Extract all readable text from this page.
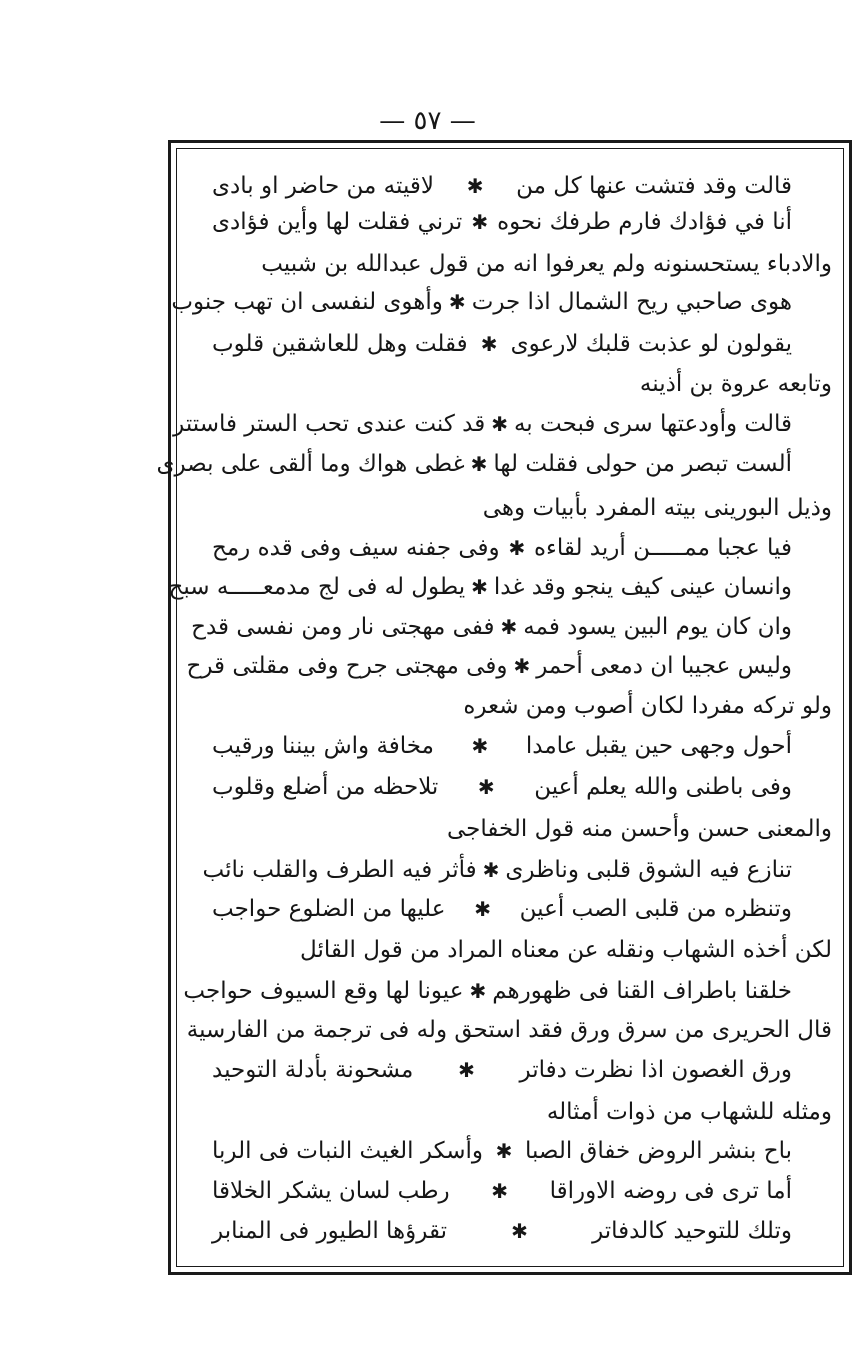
— ٥٧ —
قالت وقد فتشت عنها كل من
✱
لاقيته من حاضر او بادى
أنا في فؤادك فارم طرفك نحوه
✱
ترني فقلت لها وأين فؤادى
والادباء يستحسنونه ولم يعرفوا انه من قول عبدالله بن شبيب
هوى صاحبي ريح الشمال اذا جرت
✱
وأهوى لنفسى ان تهب جنوب
يقولون لو عذبت قلبك لارعوى
✱
فقلت وهل للعاشقين قلوب
وتابعه عروة بن أذينه
قالت وأودعتها سرى فبحت به
✱
قد كنت عندى تحب الستر فاستتر
ألست تبصر من حولى فقلت لها
✱
غطى هواك وما ألقى على بصرى
وذيل البورينى بيته المفرد بأبيات وهى
فيا عجبا ممـــــن أريد لقاءه
✱
وفى جفنه سيف وفى قده رمح
وانسان عينى كيف ينجو وقد غدا
✱
يطول له فى لج مدمعـــــه سبح
وان كان يوم البين يسود فمه
✱
ففى مهجتى نار ومن نفسى قدح
وليس عجيبا ان دمعى أحمر
✱
وفى مهجتى جرح وفى مقلتى قرح
ولو تركه مفردا لكان أصوب ومن شعره
أحول وجهى حين يقبل عامدا
✱
مخافة واش بيننا ورقيب
وفى باطنى والله يعلم أعين
✱
تلاحظه من أضلع وقلوب
والمعنى حسن وأحسن منه قول الخفاجى
تنازع فيه الشوق قلبى وناظرى
✱
فأثر فيه الطرف والقلب نائب
وتنظره من قلبى الصب أعين
✱
عليها من الضلوع حواجب
لكن أخذه الشهاب ونقله عن معناه المراد من قول القائل
خلقنا باطراف القنا فى ظهورهم
✱
عيونا لها وقع السيوف حواجب
قال الحريرى من سرق ورق فقد استحق وله فى ترجمة من الفارسية
ورق الغصون اذا نظرت دفاتر
✱
مشحونة بأدلة التوحيد
ومثله للشهاب من ذوات أمثاله
باح بنشر الروض خفاق الصبا
✱
وأسكر الغيث النبات فى الربا
أما ترى فى روضه الاوراقا
✱
رطب لسان يشكر الخلاقا
وتلك للتوحيد كالدفاتر
✱
تقرؤها الطيور فى المنابر
